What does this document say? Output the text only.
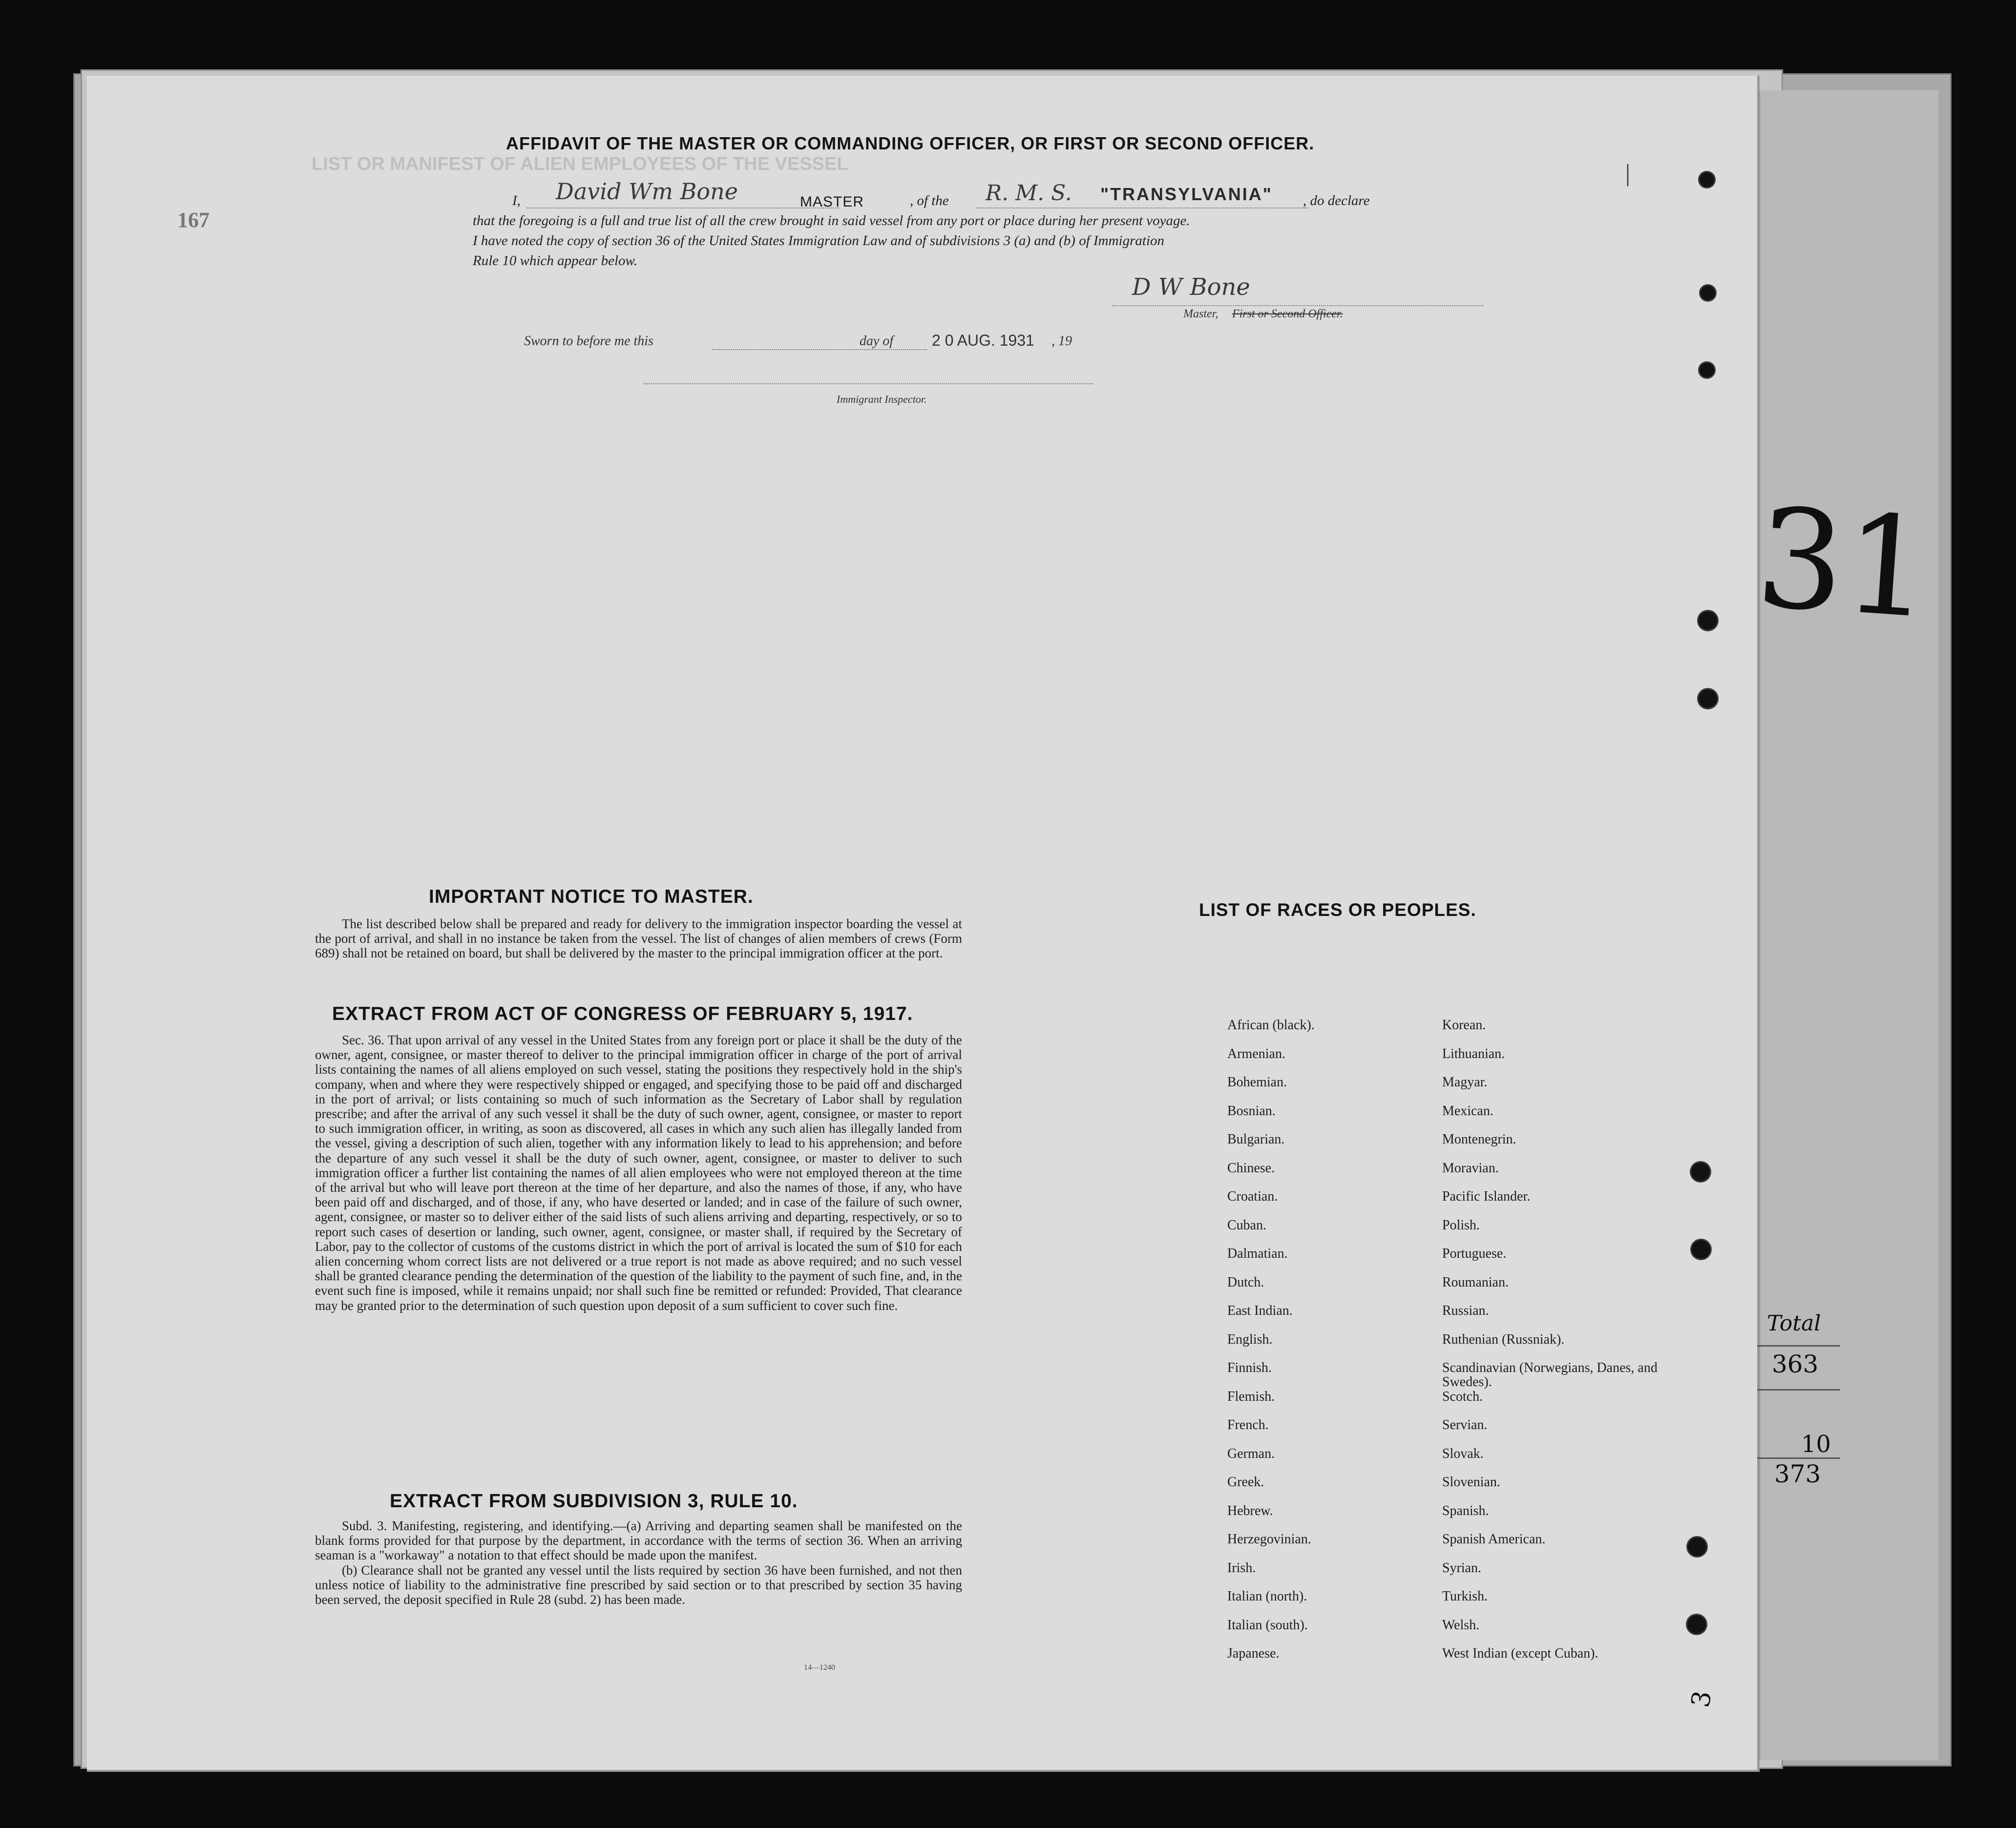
LIST OR MANIFEST OF ALIEN EMPLOYEES OF THE VESSEL
167
AFFIDAVIT OF THE MASTER OR COMMANDING OFFICER, OR FIRST OR SECOND OFFICER.
I, David Wm Bone	MASTER	, of the R. M. S. "TRANSYLVANIA" , do declare
that the foregoing is a full and true list of all the crew brought in said vessel from any port or place during her present voyage.
I have noted the copy of section 36 of the United States Immigration Law and of subdivisions 3 (a) and (b) of Immigration
Rule 10 which appear below.
D W Bone
Master, First or Second Officer.
Sworn to before me this	day of 2 0 AUG. 1931 , 19
Immigrant Inspector.
IMPORTANT NOTICE TO MASTER.
The list described below shall be prepared and ready for delivery to the immigration inspector boarding the vessel at the port of arrival, and shall in no instance be taken from the vessel. The list of changes of alien members of crews (Form 689) shall not be retained on board, but shall be delivered by the master to the principal immigration officer at the port.
EXTRACT FROM ACT OF CONGRESS OF FEBRUARY 5, 1917.
Sec. 36. That upon arrival of any vessel in the United States from any foreign port or place it shall be the duty of the owner, agent, consignee, or master thereof to deliver to the principal immigration officer in charge of the port of arrival lists containing the names of all aliens employed on such vessel, stating the positions they respectively hold in the ship's company, when and where they were respectively shipped or engaged, and specifying those to be paid off and discharged in the port of arrival; or lists containing so much of such information as the Secretary of Labor shall by regulation prescribe; and after the arrival of any such vessel it shall be the duty of such owner, agent, consignee, or master to report to such immigration officer, in writing, as soon as discovered, all cases in which any such alien has illegally landed from the vessel, giving a description of such alien, together with any information likely to lead to his apprehension; and before the departure of any such vessel it shall be the duty of such owner, agent, consignee, or master to deliver to such immigration officer a further list containing the names of all alien employees who were not employed thereon at the time of the arrival but who will leave port thereon at the time of her departure, and also the names of those, if any, who have been paid off and discharged, and of those, if any, who have deserted or landed; and in case of the failure of such owner, agent, consignee, or master so to deliver either of the said lists of such aliens arriving and departing, respectively, or so to report such cases of desertion or landing, such owner, agent, consignee, or master shall, if required by the Secretary of Labor, pay to the collector of customs of the customs district in which the port of arrival is located the sum of $10 for each alien concerning whom correct lists are not delivered or a true report is not made as above required; and no such vessel shall be granted clearance pending the determination of the question of the liability to the payment of such fine, and, in the event such fine is imposed, while it remains unpaid; nor shall such fine be remitted or refunded: Provided, That clearance may be granted prior to the determination of such question upon deposit of a sum sufficient to cover such fine.
EXTRACT FROM SUBDIVISION 3, RULE 10.
Subd. 3. Manifesting, registering, and identifying.—(a) Arriving and departing seamen shall be manifested on the blank forms provided for that purpose by the department, in accordance with the terms of section 36. When an arriving seaman is a "workaway" a notation to that effect should be made upon the manifest.
(b) Clearance shall not be granted any vessel until the lists required by section 36 have been furnished, and not then unless notice of liability to the administrative fine prescribed by said section or to that prescribed by section 35 having been served, the deposit specified in Rule 28 (subd. 2) has been made.
14—1240
LIST OF RACES OR PEOPLES.
African (black).	Korean.
Armenian.	Lithuanian.
Bohemian.	Magyar.
Bosnian.	Mexican.
Bulgarian.	Montenegrin.
Chinese.	Moravian.
Croatian.	Pacific Islander.
Cuban.	Polish.
Dalmatian.	Portuguese.
Dutch.	Roumanian.
East Indian.	Russian.
English.	Ruthenian (Russniak).
Finnish.	Scandinavian (Norwegians, Danes, and Swedes).
Flemish.	Scotch.
French.	Servian.
German.	Slovak.
Greek.	Slovenian.
Hebrew.	Spanish.
Herzegovinian.	Spanish American.
Irish.	Syrian.
Italian (north).	Turkish.
Italian (south).	Welsh.
Japanese.	West Indian (except Cuban).
31
Total
363
10
373
3
|
